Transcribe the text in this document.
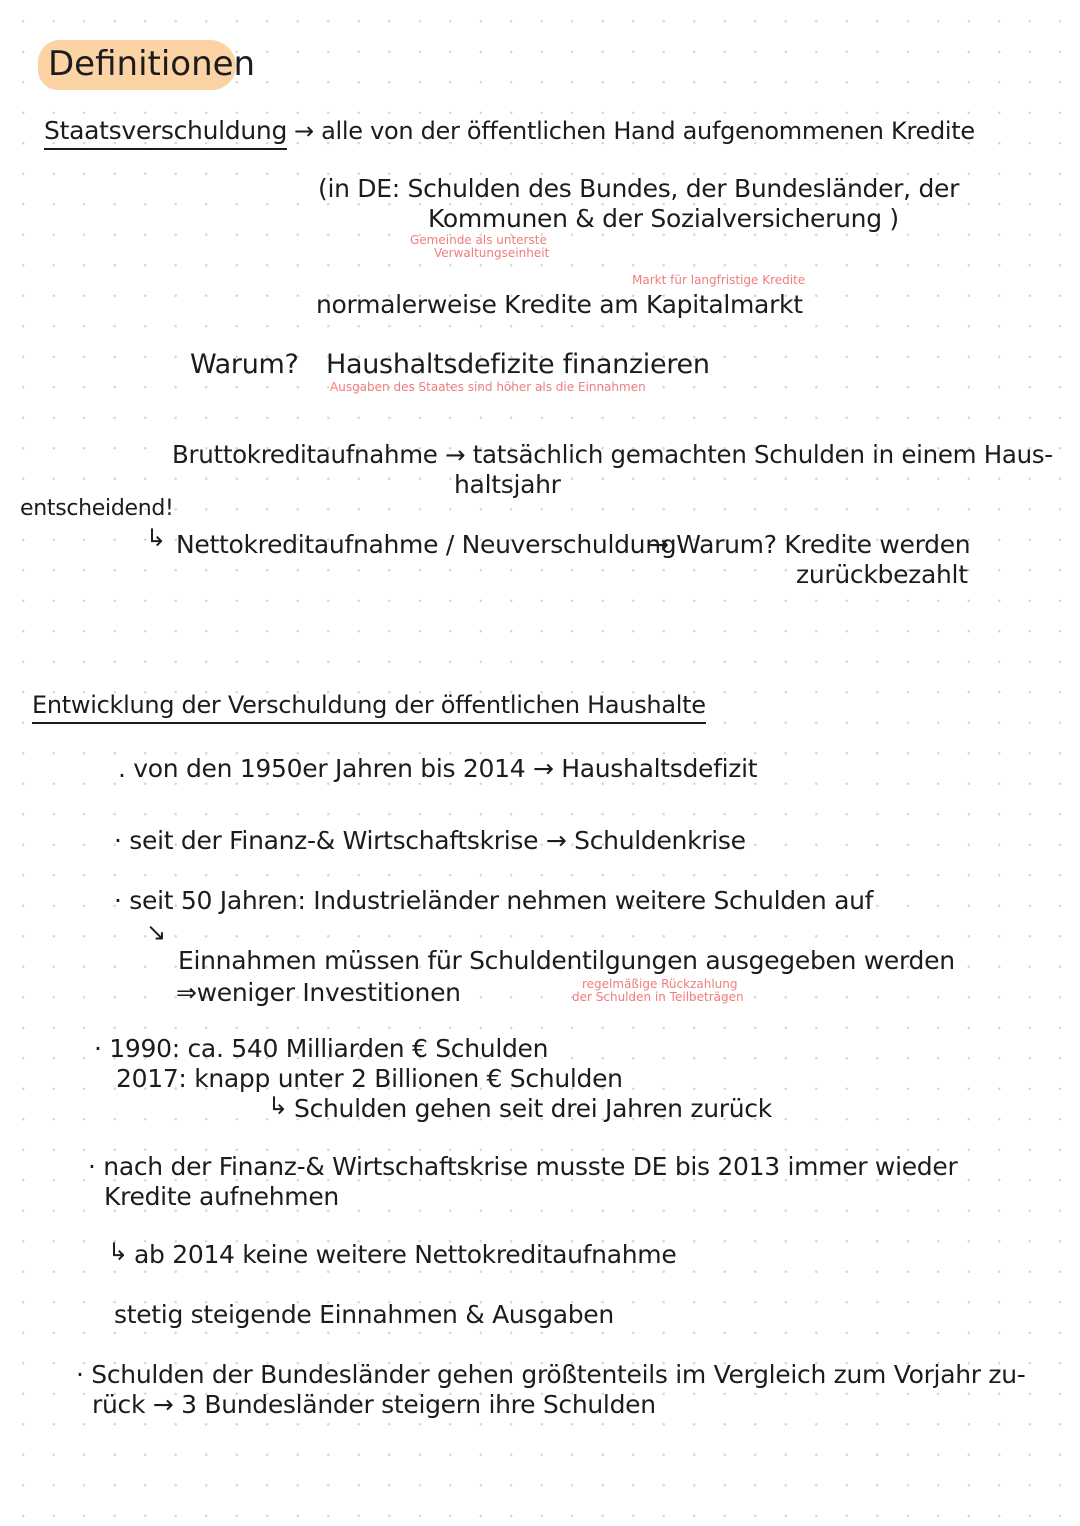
Definitionen
Staatsverschuldung → alle von der öffentlichen Hand aufgenommenen Kredite
(in DE: Schulden des Bundes, der Bundesländer, der
Kommunen & der Sozialversicherung )
Gemeinde als unterste
Verwaltungseinheit
Markt für langfristige Kredite
normalerweise Kredite am Kapitalmarkt
Warum? Haushaltsdefizite finanzieren
Ausgaben des Staates sind höher als die Einnahmen
Bruttokreditaufnahme → tatsächlich gemachten Schulden in einem Haus-
haltsjahr
entscheidend!
↳ Nettokreditaufnahme / Neuverschuldung
→ Warum? Kredite werden
zurückbezahlt
Entwicklung der Verschuldung der öffentlichen Haushalte
. von den 1950er Jahren bis 2014 → Haushaltsdefizit
· seit der Finanz-& Wirtschaftskrise → Schuldenkrise
· seit 50 Jahren: Industrieländer nehmen weitere Schulden auf
↘
Einnahmen müssen für Schuldentilgungen ausgegeben werden
⇒weniger Investitionen	regelmäßige Rückzahlung
der Schulden in Teilbeträgen
· 1990: ca. 540 Milliarden € Schulden
2017: knapp unter 2 Billionen € Schulden
↳ Schulden gehen seit drei Jahren zurück
· nach der Finanz-& Wirtschaftskrise musste DE bis 2013 immer wieder
Kredite aufnehmen
↳ ab 2014 keine weitere Nettokreditaufnahme
stetig steigende Einnahmen & Ausgaben
· Schulden der Bundesländer gehen größtenteils im Vergleich zum Vorjahr zu-
rück → 3 Bundesländer steigern ihre Schulden
